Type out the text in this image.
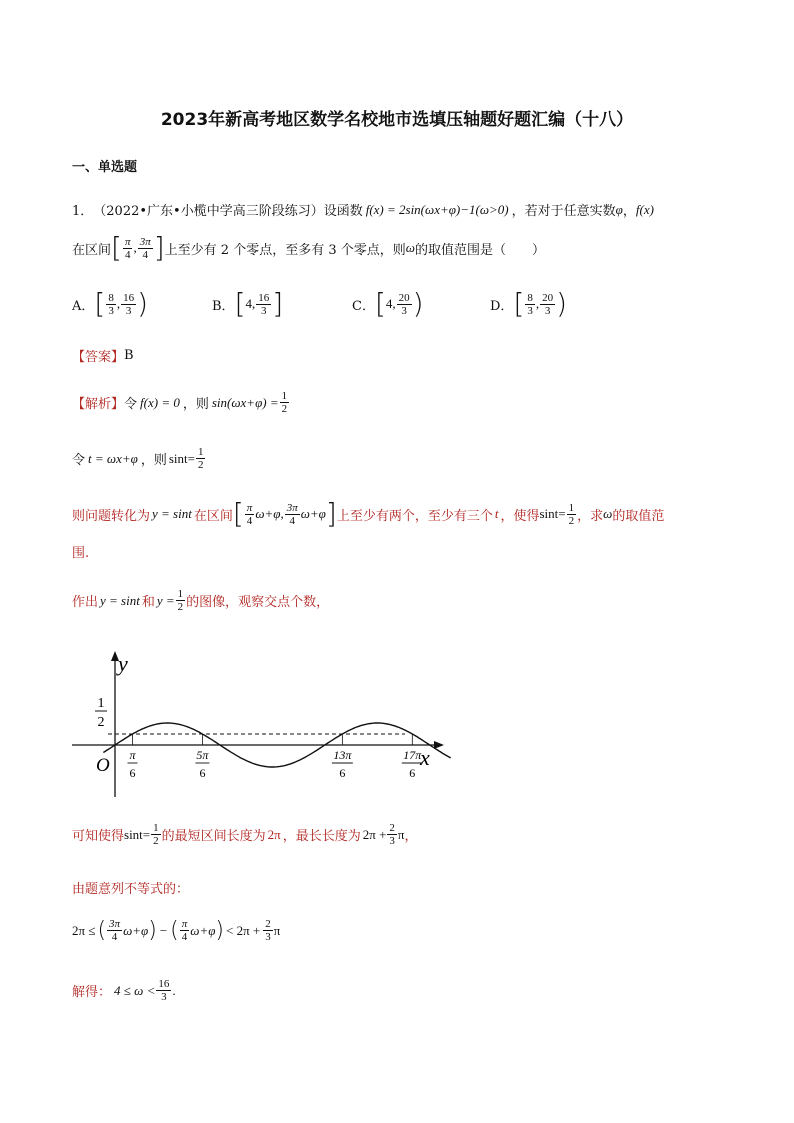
2023年新高考地区数学名校地市选填压轴题好题汇编（十八）
一、单选题
1． （2022•广东•小榄中学高三阶段练习）设函数 f(x) = 2sin(ωx+φ)−1(ω>0) ，若对于任意实数 φ ， f(x)
在区间 [ $\frac{\pi}{4}$ , $\frac{3\pi}{4}$ ] 上至少有 2 个零点，至多有 3 个零点，则 ω 的取值范围是（　　）
A． [ $\frac{8}{3}$ , $\frac{16}{3}$ )	B． [ 4 , $\frac{16}{3}$ ]	C． [ 4 , $\frac{20}{3}$ )	D． [ $\frac{8}{3}$ , $\frac{20}{3}$ )
【答案】 B
【解析】 令 f(x) = 0 ，则 $\sin(\omega x+\varphi) = \frac{1}{2}$
令 t = ωx+φ ，则 $\sin t= \frac{1}{2}$
则问题转化为 y = sint 在区间 [ $\frac{\pi}{4} \omega+\varphi$, $\frac{3\pi}{4} \omega+\varphi$ ] 上至少有两个，至少有三个 t ，使得 $\sin t= \frac{1}{2}$ ，求 ω 的取值范
围.
作出 y = sint 和 $y = \frac{1}{2}$ 的图像，观察交点个数，
y
x
O
1
2
π
6
5π
6
13π
6
17π
6
可知使得 $\sin t= \frac{1}{2}$ 的最短区间长度为 2π ，最长长度为 $2\pi + \frac{2}{3}$ π ，
由题意列不等式的：
2π ≤ ( $\frac{3\pi}{4} \omega+\varphi$ ) − ( $\frac{\pi}{4} \omega+\varphi$ ) < $2\pi + \frac{2}{3}$ π
解得： $4 \le \omega < \frac{16}{3}$ .
